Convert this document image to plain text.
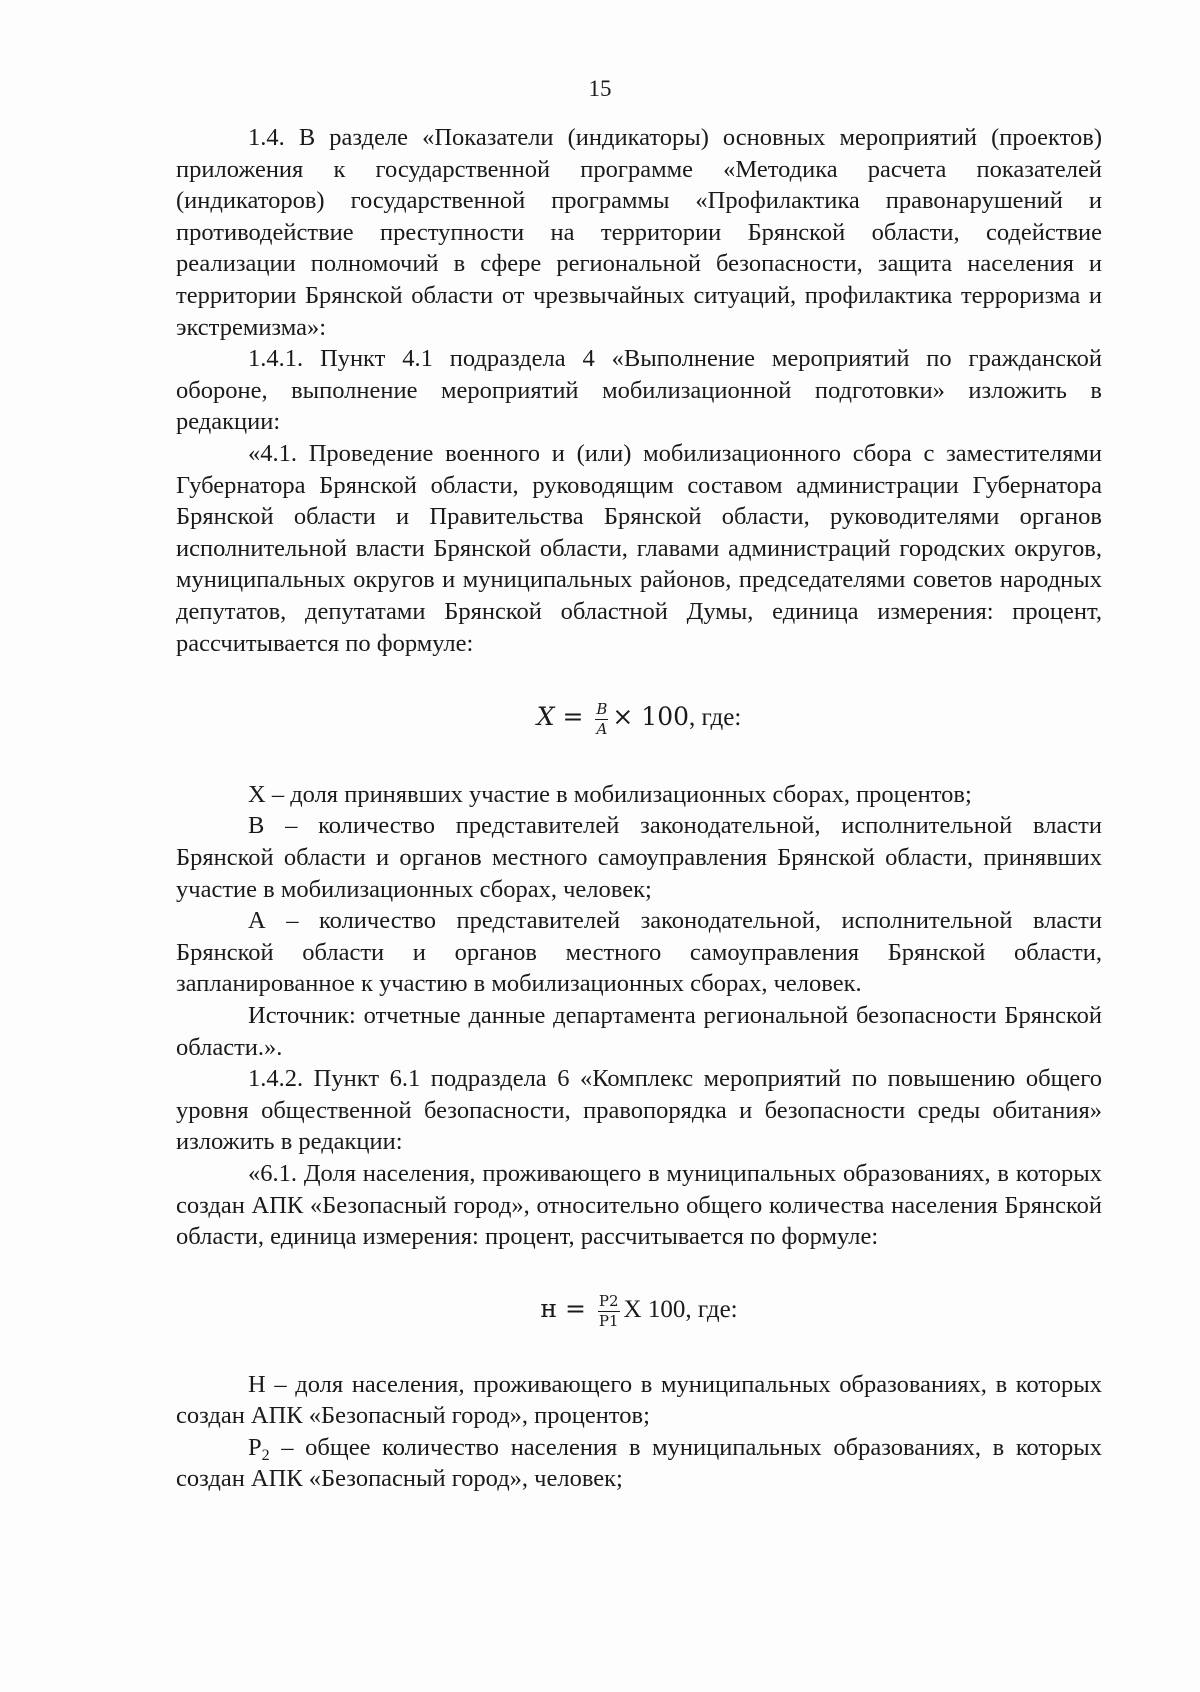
15

1.4. В разделе «Показатели (индикаторы) основных мероприятий (проектов) приложения к государственной программе «Методика расчета показателей (индикаторов) государственной программы «Профилактика правонарушений и противодействие преступности на территории Брянской области, содействие реализации полномочий в сфере региональной безопасности, защита населения и территории Брянской области от чрезвычайных ситуаций, профилактика терроризма и экстремизма»:

1.4.1. Пункт 4.1 подраздела 4 «Выполнение мероприятий по гражданской обороне, выполнение мероприятий мобилизационной подготовки» изложить в редакции:

«4.1. Проведение военного и (или) мобилизационного сбора с заместителями Губернатора Брянской области, руководящим составом администрации Губернатора Брянской области и Правительства Брянской области, руководителями органов исполнительной власти Брянской области, главами администраций городских округов, муниципальных округов и муниципальных районов, председателями советов народных депутатов, депутатами Брянской областной Думы, единица измерения: процент, рассчитывается по формуле:

$X = \frac{B}{A} \times 100$, где:

X – доля принявших участие в мобилизационных сборах, процентов;

В – количество представителей законодательной, исполнительной власти Брянской области и органов местного самоуправления Брянской области, принявших участие в мобилизационных сборах, человек;

А – количество представителей законодательной, исполнительной власти Брянской области и органов местного самоуправления Брянской области, запланированное к участию в мобилизационных сборах, человек.

Источник: отчетные данные департамента региональной безопасности Брянской области.».

1.4.2. Пункт 6.1 подраздела 6 «Комплекс мероприятий по повышению общего уровня общественной безопасности, правопорядка и безопасности среды обитания» изложить в редакции:

«6.1. Доля населения, проживающего в муниципальных образованиях, в которых создан АПК «Безопасный город», относительно общего количества населения Брянской области, единица измерения: процент, рассчитывается по формуле:

$н = \frac{P2}{P1}$ X 100, где:

Н – доля населения, проживающего в муниципальных образованиях, в которых создан АПК «Безопасный город», процентов;

$Р_2$ – общее количество населения в муниципальных образованиях, в которых создан АПК «Безопасный город», человек;
